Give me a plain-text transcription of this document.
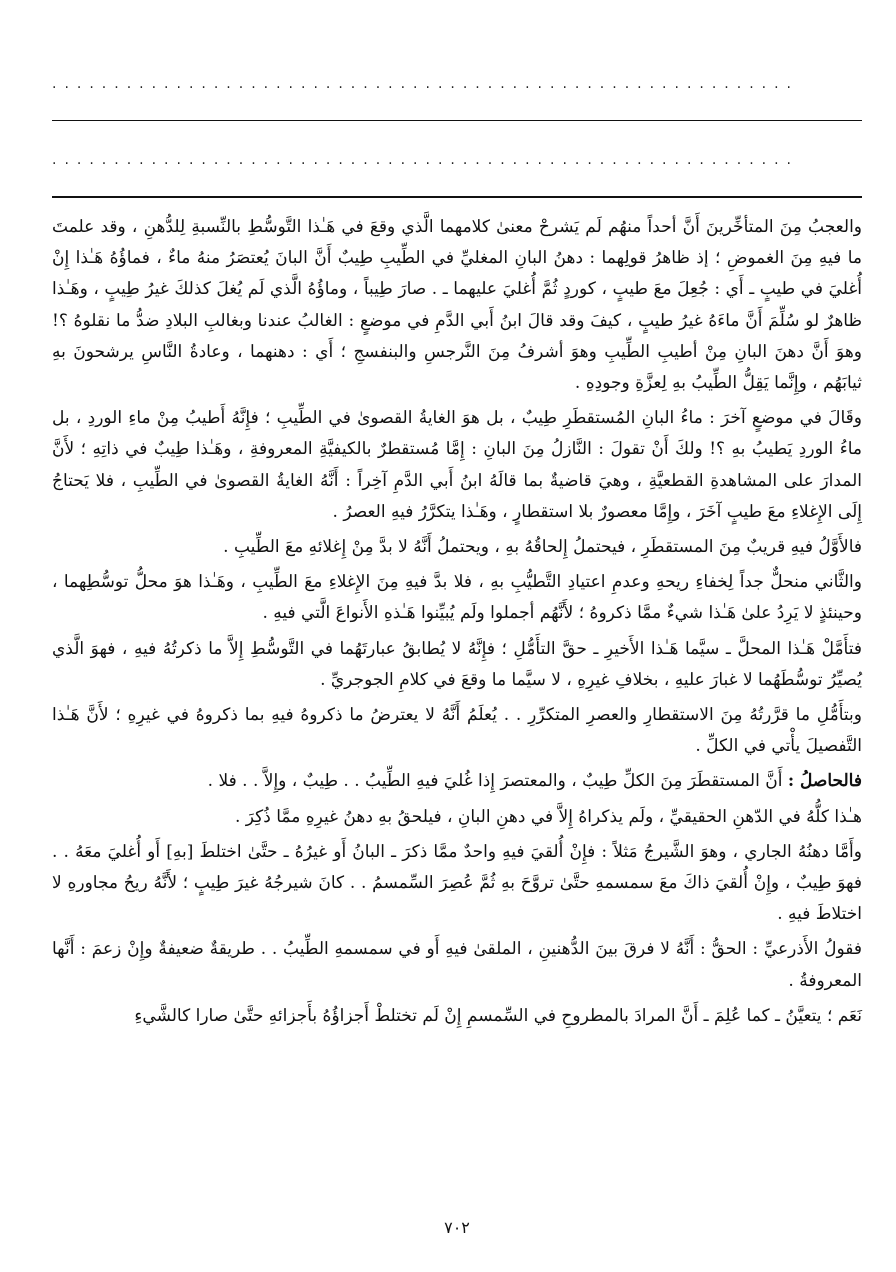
............................................................
............................................................

والعجبُ مِنَ المتأخِّرينَ أَنَّ أحداً منهُم لَم يَشرحْ معنىٰ كلامهما الَّذي وقعَ في هَـٰذا التَّوسُّطِ بالنِّسبةِ لِلدُّهنِ ، وقد علمتَ ما فيهِ مِنَ الغموضِ ؛ إذ ظاهرُ قولِهما : دهنُ البانِ المغليِّ في الطِّيبِ طِيبٌ أَنَّ البانَ يُعتصَرُ منهُ ماءٌ ، فماؤُهُ هَـٰذا إِنْ أُغليَ في طيبٍ ـ أَي : جُعِلَ معَ طيبٍ ، كوردٍ ثُمَّ أُغليَ عليهما ـ . صارَ طِيباً ، وماؤُهُ الَّذي لَم يُغلَ كذلكَ غيرُ طِيبٍ ، وهَـٰذا ظاهرٌ لو سُلِّمَ أَنَّ ماءَهُ غيرُ طيبٍ ، كيفَ وقد قالَ ابنُ أَبي الدَّمِ في موضعٍ : الغالبُ عندنا وبغالبِ البلادِ ضدُّ ما نقلوهُ ؟! وهوَ أَنَّ دهنَ البانِ مِنْ أطيبِ الطِّيبِ وهوَ أشرفُ مِنَ النَّرجسِ والبنفسجِ ؛ أَي : دهنهما ، وعادةُ النَّاسِ يرشحونَ بهِ ثيابَهُم ، وإِنَّما يَقِلُّ الطِّيبُ بهِ لِعزَّةِ وجودِهِ .

وقَالَ في موضعٍ آخرَ : ماءُ البانِ المُستقطَرِ طِيبٌ ، بل هوَ الغايةُ القصوىٰ في الطِّيبِ ؛ فإِنَّهُ أَطيبُ مِنْ ماءِ الوردِ ، بل ماءُ الوردِ يَطيبُ بهِ ؟! ولكَ أَنْ تقولَ : النَّازلُ مِنَ البانِ : إِمَّا مُستقطرٌ بالكيفيَّةِ المعروفةِ ، وهَـٰذا طِيبٌ في ذاتِهِ ؛ لأَنَّ المدارَ على المشاهدةِ القطعيَّةِ ، وهيَ قاضيةٌ بما قالَهُ ابنُ أَبي الدَّمِ آخِراً : أَنَّهُ الغايةُ القصوىٰ في الطِّيبِ ، فلا يَحتاجُ إِلَى الإِغلاءِ معَ طيبٍ آخَرَ ، وإِمَّا معصورٌ بلا استقطارٍ ، وهَـٰذا يتكرَّرُ فيهِ العصرُ .

فالأَوَّلُ فيهِ قريبٌ مِنَ المستقطَرِ ، فيحتملُ إِلحاقُهُ بهِ ، ويحتملُ أَنَّهُ لا بدَّ مِنْ إِغلائهِ معَ الطِّيبِ .

والثَّاني منحلٌّ جداً لِخفاءِ ريحهِ وعدمِ اعتيادِ التَّطيُّبِ بهِ ، فلا بدَّ فيهِ مِنَ الإِغلاءِ معَ الطِّيبِ ، وهَـٰذا هوَ محلُّ توسُّطِهما ، وحينئذٍ لا يَرِدُ علىٰ هَـٰذا شيءٌ ممَّا ذكروهُ ؛ لأَنَّهُم أجملوا ولَم يُبيِّنوا هَـٰذهِ الأَنواعَ الَّتي فيهِ .

فتأَمَّلْ هَـٰذا المحلَّ ـ سيَّما هَـٰذا الأَخيرِ ـ حقَّ التأَمُّلِ ؛ فإِنَّهُ لا يُطابقُ عبارتَهُما في التَّوسُّطِ إِلاَّ ما ذكرتُهُ فيهِ ، فهوَ الَّذي يُصيِّرُ توسُّطَهُما لا غبارَ عليهِ ، بخلافِ غيرِهِ ، لا سيَّما ما وقعَ في كلامِ الجوجريِّ .

وبتأَمُّلِ ما قرَّرتُهُ مِنَ الاستقطارِ والعصرِ المتكرِّرِ . . يُعلَمُ أَنَّهُ لا يعترضُ ما ذكروهُ فيهِ بما ذكروهُ في غيرِهِ ؛ لأَنَّ هَـٰذا التَّفصيلَ يأْتي في الكلِّ .

فالحاصلُ : أَنَّ المستقطَرَ مِنَ الكلِّ طِيبٌ ، والمعتصرَ إِذا غُليَ فيهِ الطِّيبُ . . طِيبٌ ، وإِلاَّ . . فلا .

هـٰذا كلُّهُ في الدّهنِ الحقيقيِّ ، ولَم يذكراهُ إِلاَّ في دهنِ البانِ ، فيلحقُ بهِ دهنُ غيرِهِ ممَّا ذُكِرَ .

وأَمَّا دهنُهُ الجاري ، وهوَ الشَّيرجُ مَثلاً : فإِنْ أُلقيَ فيهِ واحدٌ ممَّا ذكرَ ـ البانُ أَو غيرُهُ ـ حتَّىٰ اختلطَ [بهِ] أَو أُغليَ معَهُ . . فهوَ طِيبٌ ، وإِنْ أُلقيَ ذاكَ معَ سمسمهِ حتَّىٰ تروَّحَ بهِ ثُمَّ عُصِرَ السِّمسمُ . . كانَ شيرجُهُ غيرَ طِيبٍ ؛ لأَنَّهُ ريحُ مجاورهِ لا اختلاطَ فيهِ .

فقولُ الأَذرعيِّ : الحقُّ : أَنَّهُ لا فرقَ بينَ الدُّهنينِ ، الملقىٰ فيهِ أَو في سمسمهِ الطِّيبُ . . طريقةٌ ضعيفةٌ وإِنْ زعمَ : أَنَّها المعروفةُ .

نَعَم ؛ يتعيَّنُ ـ كما عُلِمَ ـ أَنَّ المرادَ بالمطروحِ في السِّمسمِ إِنْ لَم تختلطْ أَجزاؤُهُ بأَجزائهِ حتَّىٰ صارا كالشَّيءِ

٧٠٢
